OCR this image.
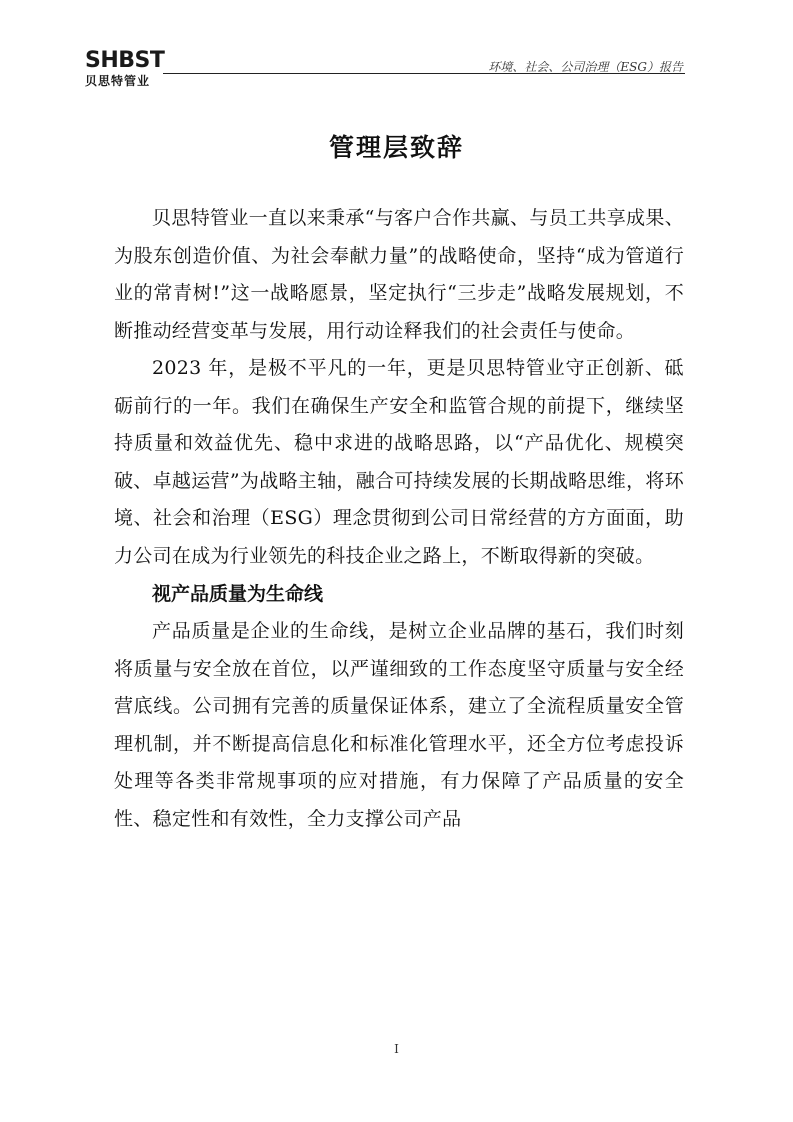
SHBST
贝思特管业
环境、社会、公司治理（ESG）报告
管理层致辞

贝思特管业一直以来秉承“与客户合作共赢、与员工共享成果、为股东创造价值、为社会奉献力量”的战略使命，坚持“成为管道行业的常青树!”这一战略愿景，坚定执行“三步走”战略发展规划，不断推动经营变革与发展，用行动诠释我们的社会责任与使命。

2023 年，是极不平凡的一年，更是贝思特管业守正创新、砥砺前行的一年。我们在确保生产安全和监管合规的前提下，继续坚持质量和效益优先、稳中求进的战略思路，以“产品优化、规模突破、卓越运营”为战略主轴，融合可持续发展的长期战略思维，将环境、社会和治理（ESG）理念贯彻到公司日常经营的方方面面，助力公司在成为行业领先的科技企业之路上，不断取得新的突破。

视产品质量为生命线

产品质量是企业的生命线，是树立企业品牌的基石，我们时刻将质量与安全放在首位，以严谨细致的工作态度坚守质量与安全经营底线。公司拥有完善的质量保证体系，建立了全流程质量安全管理机制，并不断提高信息化和标准化管理水平，还全方位考虑投诉处理等各类非常规事项的应对措施，有力保障了产品质量的安全性、稳定性和有效性，全力支撑公司产品

I
